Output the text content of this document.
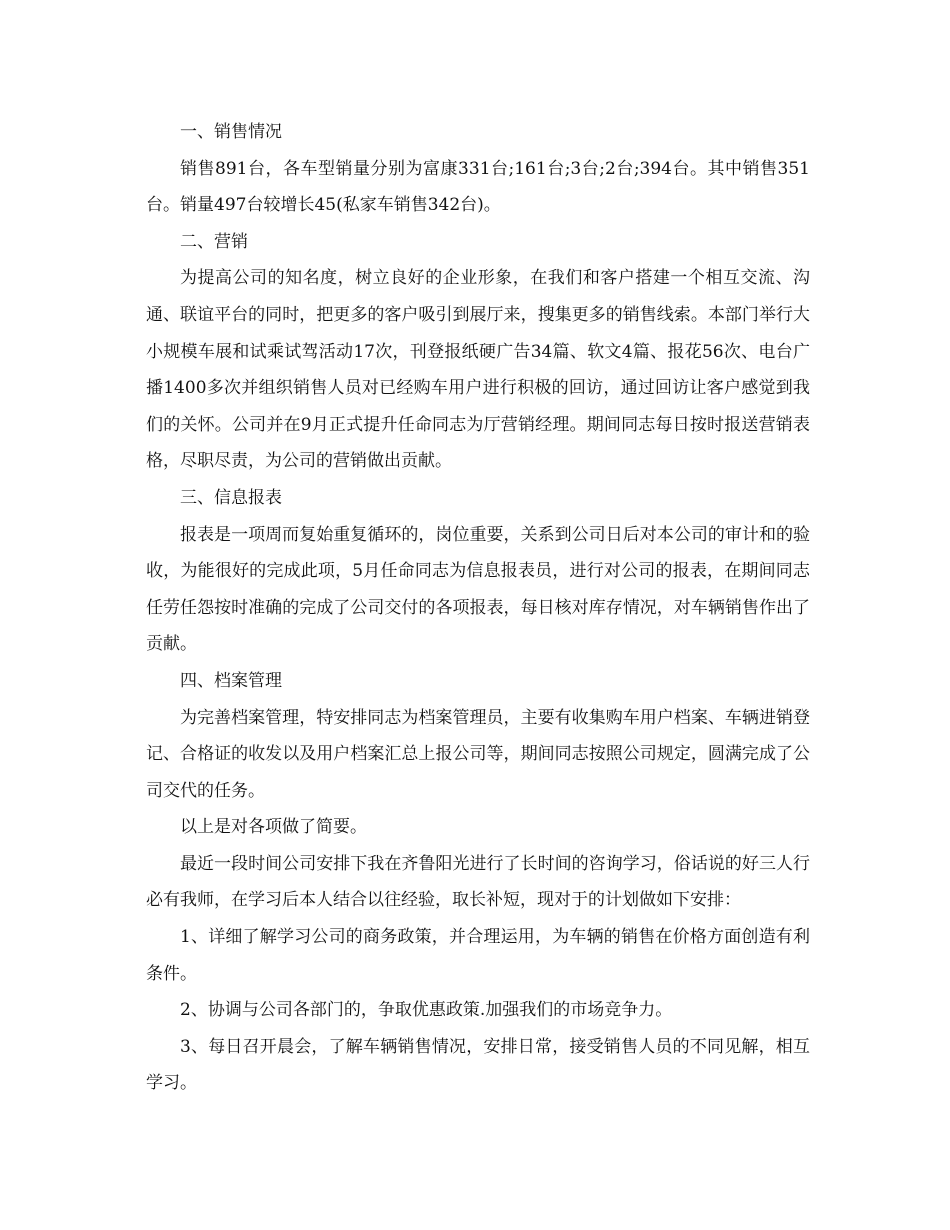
一、销售情况

销售891台，各车型销量分别为富康331台;161台;3台;2台;394台。其中销售351台。销量497台较增长45(私家车销售342台)。

二、营销

为提高公司的知名度，树立良好的企业形象，在我们和客户搭建一个相互交流、沟通、联谊平台的同时，把更多的客户吸引到展厅来，搜集更多的销售线索。本部门举行大小规模车展和试乘试驾活动17次，刊登报纸硬广告34篇、软文4篇、报花56次、电台广播1400多次并组织销售人员对已经购车用户进行积极的回访，通过回访让客户感觉到我们的关怀。公司并在9月正式提升任命同志为厅营销经理。期间同志每日按时报送营销表格，尽职尽责，为公司的营销做出贡献。

三、信息报表

报表是一项周而复始重复循环的，岗位重要，关系到公司日后对本公司的审计和的验收，为能很好的完成此项，5月任命同志为信息报表员，进行对公司的报表，在期间同志任劳任怨按时准确的完成了公司交付的各项报表，每日核对库存情况，对车辆销售作出了贡献。

四、档案管理

为完善档案管理，特安排同志为档案管理员，主要有收集购车用户档案、车辆进销登记、合格证的收发以及用户档案汇总上报公司等，期间同志按照公司规定，圆满完成了公司交代的任务。

以上是对各项做了简要。

最近一段时间公司安排下我在齐鲁阳光进行了长时间的咨询学习，俗话说的好三人行必有我师，在学习后本人结合以往经验，取长补短，现对于的计划做如下安排：

1、详细了解学习公司的商务政策，并合理运用，为车辆的销售在价格方面创造有利条件。

2、协调与公司各部门的，争取优惠政策.加强我们的市场竞争力。

3、每日召开晨会，了解车辆销售情况，安排日常，接受销售人员的不同见解，相互学习。
